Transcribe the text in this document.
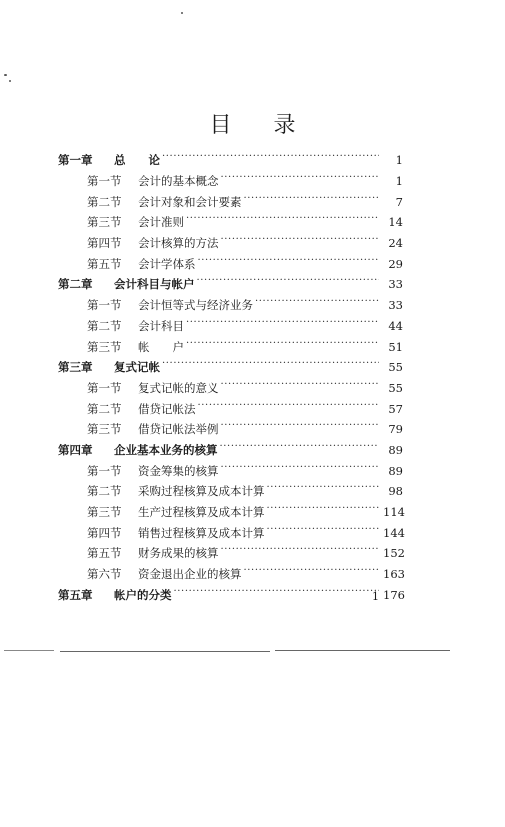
目 录
第一章	总　　论 ·····	1
第一节	会计的基本概念 ·····	1
第二节	会计对象和会计要素 ·····	7
第三节	会计准则 ·····	14
第四节	会计核算的方法 ·····	24
第五节	会计学体系 ·····	29
第二章	会计科目与帐户 ·····	33
第一节	会计恒等式与经济业务 ·····	33
第二节	会计科目 ·····	44
第三节	帐　　户 ·····	51
第三章	复式记帐 ·····	55
第一节	复式记帐的意义 ·····	55
第二节	借贷记帐法 ·····	57
第三节	借贷记帐法举例 ·····	79
第四章	企业基本业务的核算 ·····	89
第一节	资金筹集的核算 ·····	89
第二节	采购过程核算及成本计算 ·····	98
第三节	生产过程核算及成本计算 ·····	114
第四节	销售过程核算及成本计算 ·····	144
第五节	财务成果的核算 ·····	152
第六节	资金退出企业的核算 ·····	163
第五章	帐户的分类 ·····	176
1
